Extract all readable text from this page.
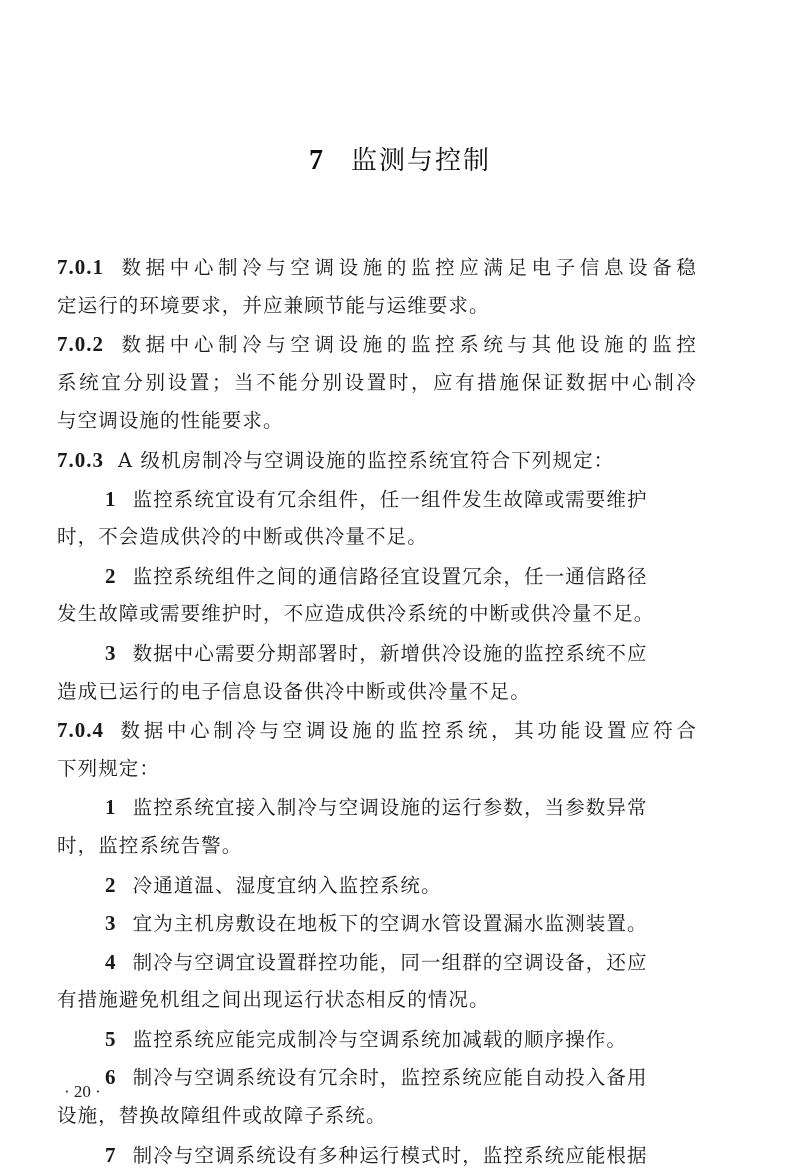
7 监测与控制
7.0.1 数据中心制冷与空调设施的监控应满足电子信息设备稳
定运行的环境要求，并应兼顾节能与运维要求。
7.0.2 数据中心制冷与空调设施的监控系统与其他设施的监控
系统宜分别设置；当不能分别设置时，应有措施保证数据中心制冷
与空调设施的性能要求。
7.0.3 A 级机房制冷与空调设施的监控系统宜符合下列规定：
1 监控系统宜设有冗余组件，任一组件发生故障或需要维护
时，不会造成供冷的中断或供冷量不足。
2 监控系统组件之间的通信路径宜设置冗余，任一通信路径
发生故障或需要维护时，不应造成供冷系统的中断或供冷量不足。
3 数据中心需要分期部署时，新增供冷设施的监控系统不应
造成已运行的电子信息设备供冷中断或供冷量不足。
7.0.4 数据中心制冷与空调设施的监控系统，其功能设置应符合
下列规定：
1 监控系统宜接入制冷与空调设施的运行参数，当参数异常
时，监控系统告警。
2 冷通道温、湿度宜纳入监控系统。
3 宜为主机房敷设在地板下的空调水管设置漏水监测装置。
4 制冷与空调宜设置群控功能，同一组群的空调设备，还应
有措施避免机组之间出现运行状态相反的情况。
5 监控系统应能完成制冷与空调系统加减载的顺序操作。
6 制冷与空调系统设有冗余时，监控系统应能自动投入备用
设施，替换故障组件或故障子系统。
7 制冷与空调系统设有多种运行模式时，监控系统应能根据
· 20 ·
